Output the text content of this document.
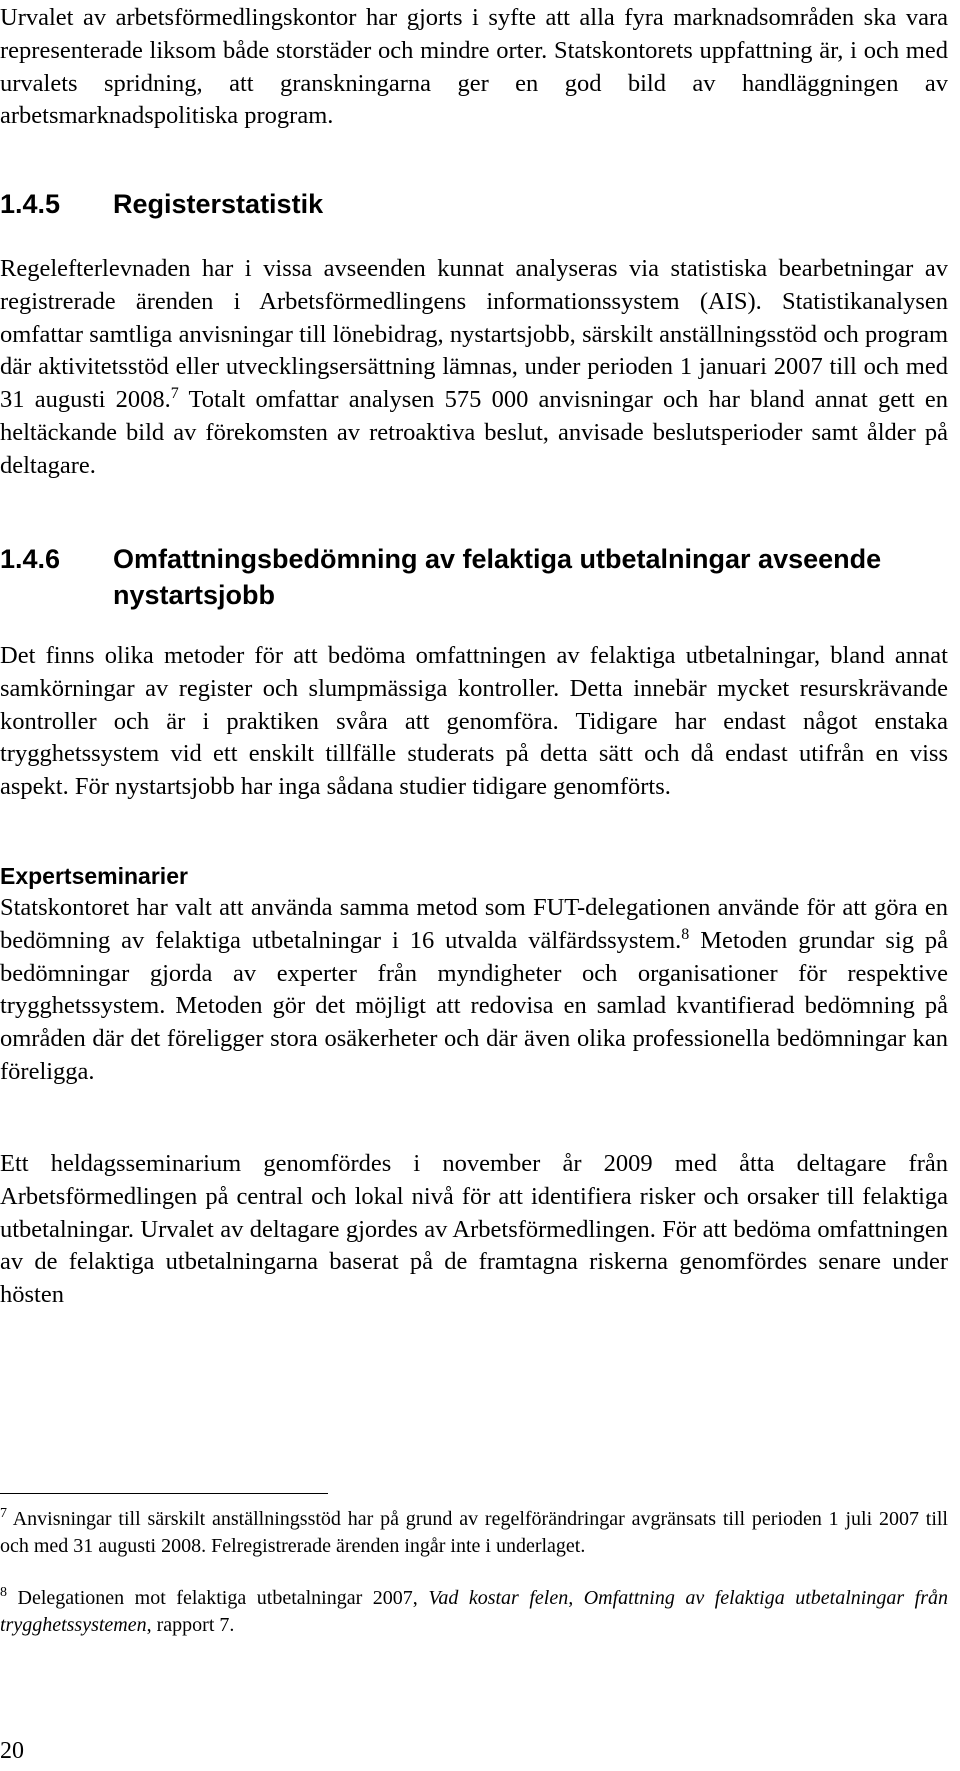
Urvalet av arbetsförmedlingskontor har gjorts i syfte att alla fyra marknadsområden ska vara representerade liksom både storstäder och mindre orter. Statskontorets uppfattning är, i och med urvalets spridning, att granskningarna ger en god bild av handläggningen av arbetsmarknadspolitiska program.

1.4.5 Registerstatistik

Regelefterlevnaden har i vissa avseenden kunnat analyseras via statistiska bearbetningar av registrerade ärenden i Arbetsförmedlingens informationssystem (AIS). Statistikanalysen omfattar samtliga anvisningar till lönebidrag, nystartsjobb, särskilt anställningsstöd och program där aktivitetsstöd eller utvecklingsersättning lämnas, under perioden 1 januari 2007 till och med 31 augusti 2008.$^7$ Totalt omfattar analysen 575 000 anvisningar och har bland annat gett en heltäckande bild av förekomsten av retroaktiva beslut, anvisade beslutsperioder samt ålder på deltagare.

1.4.6 Omfattningsbedömning av felaktiga utbetalningar avseende nystartsjobb

Det finns olika metoder för att bedöma omfattningen av felaktiga utbetalningar, bland annat samkörningar av register och slumpmässiga kontroller. Detta innebär mycket resurskrävande kontroller och är i praktiken svåra att genomföra. Tidigare har endast något enstaka trygghetssystem vid ett enskilt tillfälle studerats på detta sätt och då endast utifrån en viss aspekt. För nystartsjobb har inga sådana studier tidigare genomförts.

Expertseminarier

Statskontoret har valt att använda samma metod som FUT-delegationen använde för att göra en bedömning av felaktiga utbetalningar i 16 utvalda välfärdssystem.$^8$ Metoden grundar sig på bedömningar gjorda av experter från myndigheter och organisationer för respektive trygghetssystem. Metoden gör det möjligt att redovisa en samlad kvantifierad bedömning på områden där det föreligger stora osäkerheter och där även olika professionella bedömningar kan föreligga.

Ett heldagsseminarium genomfördes i november år 2009 med åtta deltagare från Arbetsförmedlingen på central och lokal nivå för att identifiera risker och orsaker till felaktiga utbetalningar. Urvalet av deltagare gjordes av Arbetsförmedlingen. För att bedöma omfattningen av de felaktiga utbetalningarna baserat på de framtagna riskerna genomfördes senare under hösten

$^7$ Anvisningar till särskilt anställningsstöd har på grund av regelförändringar avgränsats till perioden 1 juli 2007 till och med 31 augusti 2008. Felregistrerade ärenden ingår inte i underlaget.

$^8$ Delegationen mot felaktiga utbetalningar 2007, Vad kostar felen, Omfattning av felaktiga utbetalningar från trygghetssystemen, rapport 7.

20
